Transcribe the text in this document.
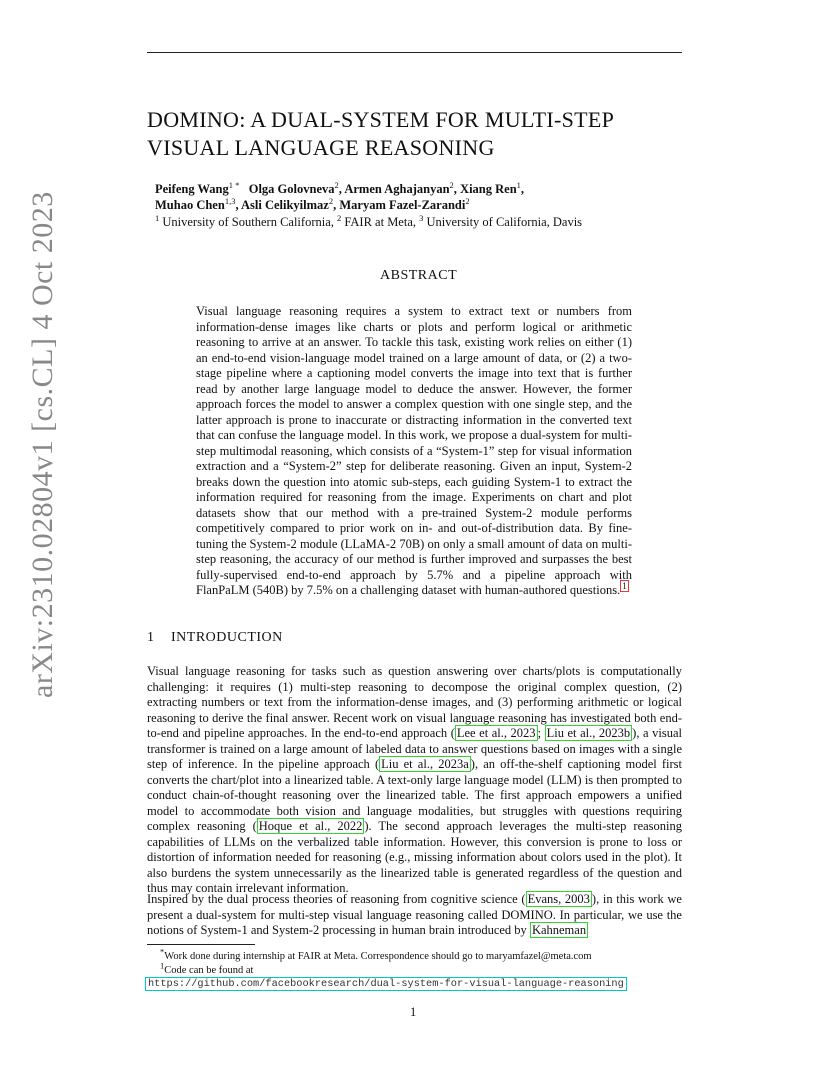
arXiv:2310.02804v1 [cs.CL] 4 Oct 2023
DOMINO: A DUAL-SYSTEM FOR MULTI-STEP
VISUAL LANGUAGE REASONING
Peifeng Wang$^{1 *}$ Olga Golovneva$^2$, Armen Aghajanyan$^2$, Xiang Ren$^1$,
Muhao Chen$^{1,3}$, Asli Celikyilmaz$^2$, Maryam Fazel-Zarandi$^2$
$^1$ University of Southern California, $^2$ FAIR at Meta, $^3$ University of California, Davis
ABSTRACT
Visual language reasoning requires a system to extract text or numbers from information-dense images like charts or plots and perform logical or arithmetic reasoning to arrive at an answer. To tackle this task, existing work relies on either (1) an end-to-end vision-language model trained on a large amount of data, or (2) a two-stage pipeline where a captioning model converts the image into text that is further read by another large language model to deduce the answer. However, the former approach forces the model to answer a complex question with one single step, and the latter approach is prone to inaccurate or distracting information in the converted text that can confuse the language model. In this work, we propose a dual-system for multi-step multimodal reasoning, which consists of a “System-1” step for visual information extraction and a “System-2” step for deliberate reasoning. Given an input, System-2 breaks down the question into atomic sub-steps, each guiding System-1 to extract the information required for reasoning from the image. Experiments on chart and plot datasets show that our method with a pre-trained System-2 module performs competitively compared to prior work on in- and out-of-distribution data. By fine-tuning the System-2 module (LLaMA-2 70B) on only a small amount of data on multi-step reasoning, the accuracy of our method is further improved and surpasses the best fully-supervised end-to-end approach by 5.7% and a pipeline approach with FlanPaLM (540B) by 7.5% on a challenging dataset with human-authored questions. $^1$
1 INTRODUCTION
Visual language reasoning for tasks such as question answering over charts/plots is computationally challenging: it requires (1) multi-step reasoning to decompose the original complex question, (2) extracting numbers or text from the information-dense images, and (3) performing arithmetic or logical reasoning to derive the final answer. Recent work on visual language reasoning has investigated both end-to-end and pipeline approaches. In the end-to-end approach ( Lee et al., 2023 ; Liu et al., 2023b ), a visual transformer is trained on a large amount of labeled data to answer questions based on images with a single step of inference. In the pipeline approach ( Liu et al., 2023a ), an off-the-shelf captioning model first converts the chart/plot into a linearized table. A text-only large language model (LLM) is then prompted to conduct chain-of-thought reasoning over the linearized table. The first approach empowers a unified model to accommodate both vision and language modalities, but struggles with questions requiring complex reasoning ( Hoque et al., 2022 ). The second approach leverages the multi-step reasoning capabilities of LLMs on the verbalized table information. However, this conversion is prone to loss or distortion of information needed for reasoning (e.g., missing information about colors used in the plot). It also burdens the system unnecessarily as the linearized table is generated regardless of the question and thus may contain irrelevant information.
Inspired by the dual process theories of reasoning from cognitive science ( Evans, 2003 ), in this work we present a dual-system for multi-step visual language reasoning called DOMINO. In particular, we use the notions of System-1 and System-2 processing in human brain introduced by Kahneman
*Work done during internship at FAIR at Meta. Correspondence should go to maryamfazel@meta.com
$^1$Code can be found at
https://github.com/facebookresearch/dual-system-for-visual-language-reasoning
1
